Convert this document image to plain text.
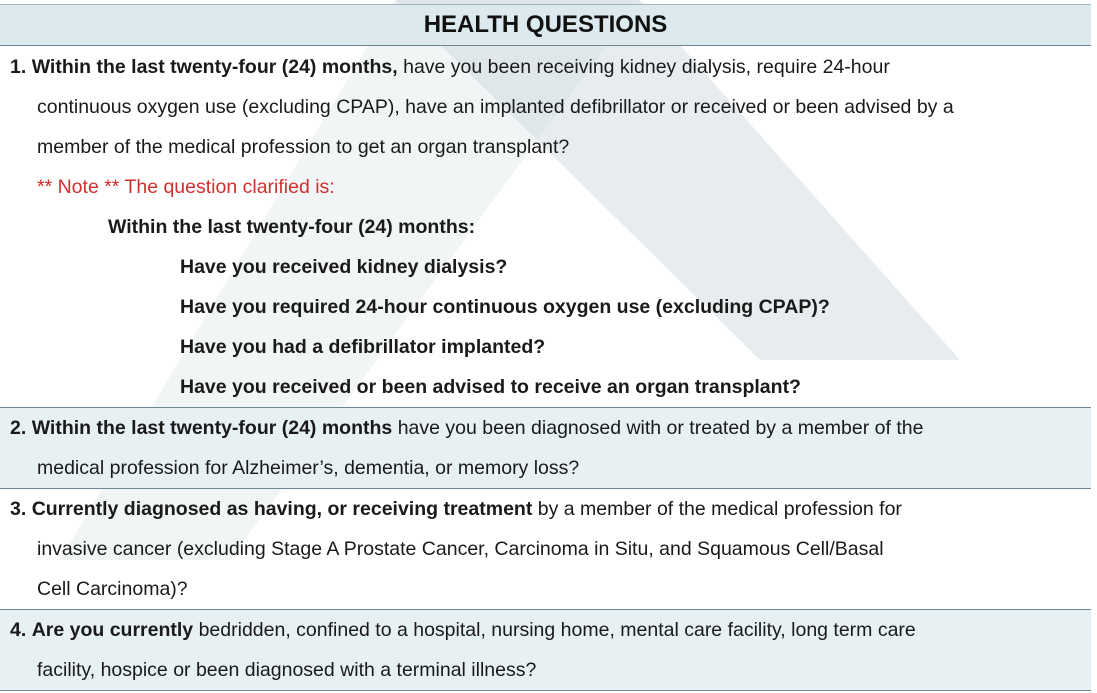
HEALTH QUESTIONS
1. Within the last twenty-four (24) months, have you been receiving kidney dialysis, require 24-hour
continuous oxygen use (excluding CPAP), have an implanted defibrillator or received or been advised by a
member of the medical profession to get an organ transplant?
** Note ** The question clarified is:
Within the last twenty-four (24) months:
Have you received kidney dialysis?
Have you required 24-hour continuous oxygen use (excluding CPAP)?
Have you had a defibrillator implanted?
Have you received or been advised to receive an organ transplant?
2. Within the last twenty-four (24) months have you been diagnosed with or treated by a member of the
medical profession for Alzheimer’s, dementia, or memory loss?
3. Currently diagnosed as having, or receiving treatment by a member of the medical profession for
invasive cancer (excluding Stage A Prostate Cancer, Carcinoma in Situ, and Squamous Cell/Basal
Cell Carcinoma)?
4. Are you currently bedridden, confined to a hospital, nursing home, mental care facility, long term care
facility, hospice or been diagnosed with a terminal illness?
